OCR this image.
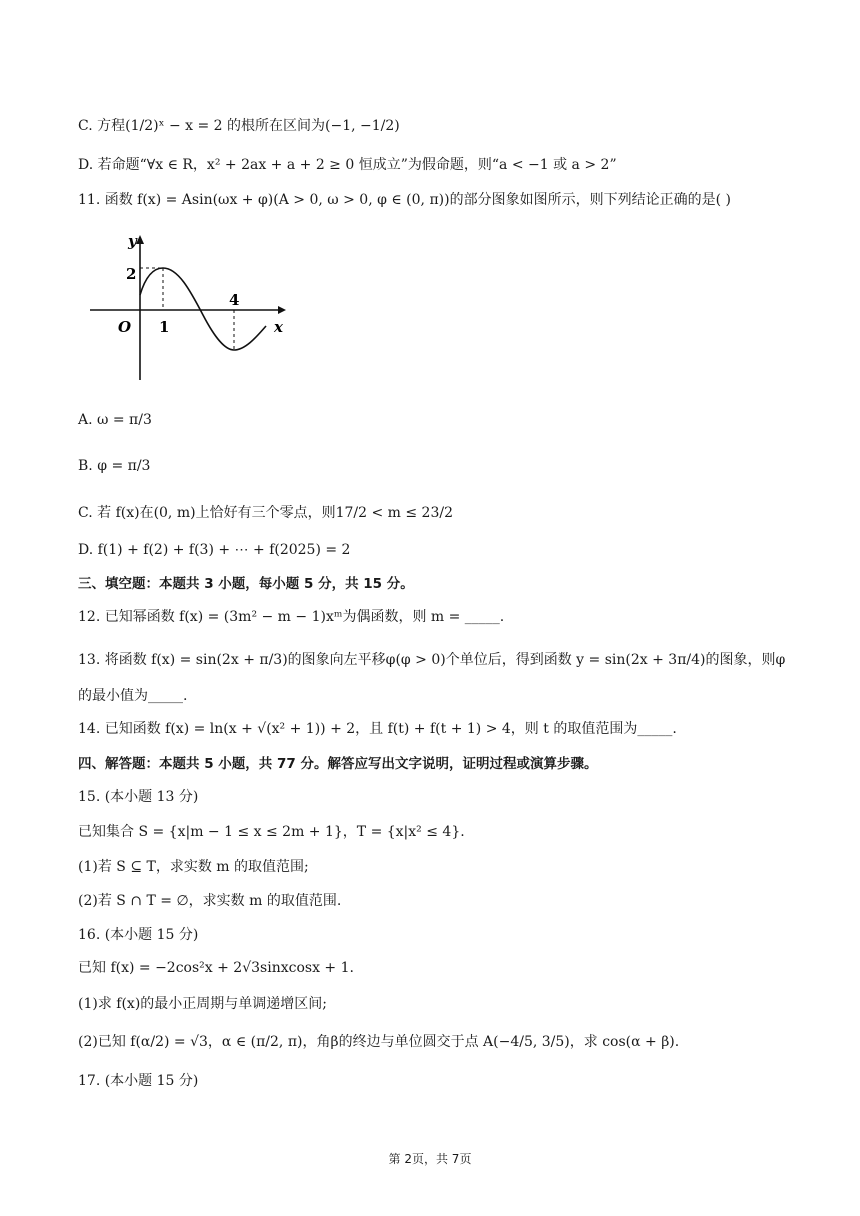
C. 方程(1/2)ˣ − x = 2 的根所在区间为(−1, −1/2)
D. 若命题“∀x ∈ R，x² + 2ax + a + 2 ≥ 0 恒成立”为假命题，则“a < −1 或 a > 2”
11. 函数 f(x) = Asin(ωx + φ)(A > 0, ω > 0, φ ∈ (0, π))的部分图象如图所示，则下列结论正确的是( )
y
x
O
2
1
4
A. ω = π/3
B. φ = π/3
C. 若 f(x)在(0, m)上恰好有三个零点，则17/2 < m ≤ 23/2
D. f(1) + f(2) + f(3) + ⋯ + f(2025) = 2
三、填空题：本题共 3 小题，每小题 5 分，共 15 分。
12. 已知幂函数 f(x) = (3m² − m − 1)xᵐ为偶函数，则 m = _____.
13. 将函数 f(x) = sin(2x + π/3)的图象向左平移φ(φ > 0)个单位后，得到函数 y = sin(2x + 3π/4)的图象，则φ
的最小值为_____.
14. 已知函数 f(x) = ln(x + √(x² + 1)) + 2，且 f(t) + f(t + 1) > 4，则 t 的取值范围为_____.
四、解答题：本题共 5 小题，共 77 分。解答应写出文字说明，证明过程或演算步骤。
15. (本小题 13 分)
已知集合 S = {x|m − 1 ≤ x ≤ 2m + 1}，T = {x|x² ≤ 4}.
(1)若 S ⊆ T，求实数 m 的取值范围;
(2)若 S ∩ T = ∅，求实数 m 的取值范围.
16. (本小题 15 分)
已知 f(x) = −2cos²x + 2√3sinxcosx + 1.
(1)求 f(x)的最小正周期与单调递增区间;
(2)已知 f(α/2) = √3，α ∈ (π/2, π)，角β的终边与单位圆交于点 A(−4/5, 3/5)，求 cos(α + β).
17. (本小题 15 分)
第 2页，共 7页
